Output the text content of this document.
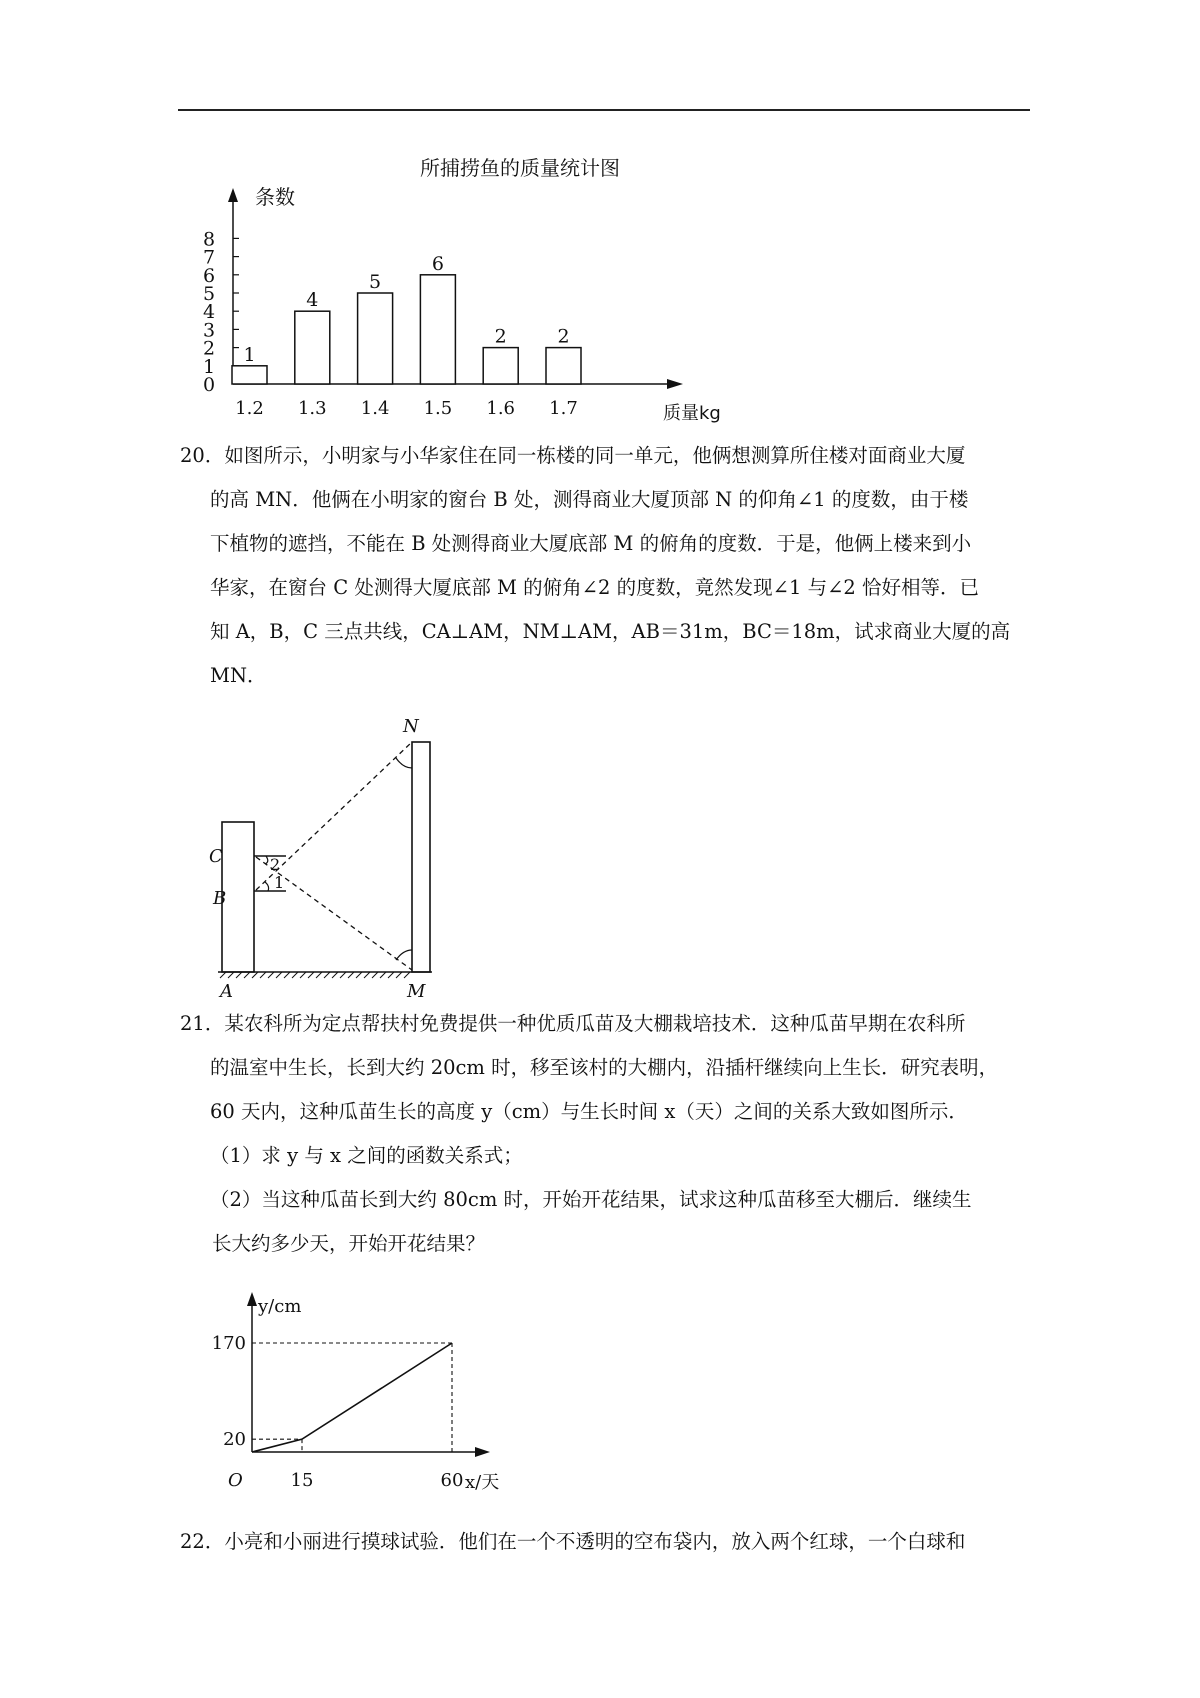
所捕捞鱼的质量统计图
条数
质量kg
0
1
2
3
4
5
6
7
8
1
1.2
4
1.3
5
1.4
6
1.5
2
1.6
2
1.7
20．如图所示，小明家与小华家住在同一栋楼的同一单元，他俩想测算所住楼对面商业大厦
的高 MN．他俩在小明家的窗台 B 处，测得商业大厦顶部 N 的仰角∠1 的度数，由于楼
下植物的遮挡，不能在 B 处测得商业大厦底部 M 的俯角的度数．于是，他俩上楼来到小
华家，在窗台 C 处测得大厦底部 M 的俯角∠2 的度数，竟然发现∠1 与∠2 恰好相等．已
知 A，B，C 三点共线，CA⊥AM，NM⊥AM，AB＝31m，BC＝18m，试求商业大厦的高
MN．
N
C
B
A	M
2
1
21．某农科所为定点帮扶村免费提供一种优质瓜苗及大棚栽培技术．这种瓜苗早期在农科所
的温室中生长，长到大约 20cm 时，移至该村的大棚内，沿插杆继续向上生长．研究表明，
60 天内，这种瓜苗生长的高度 y（cm）与生长时间 x（天）之间的关系大致如图所示．
（1）求 y 与 x 之间的函数关系式；
（2）当这种瓜苗长到大约 80cm 时，开始开花结果，试求这种瓜苗移至大棚后．继续生
长大约多少天，开始开花结果？
y/cm
x/天
O	15	60
20
170
22．小亮和小丽进行摸球试验．他们在一个不透明的空布袋内，放入两个红球，一个白球和
